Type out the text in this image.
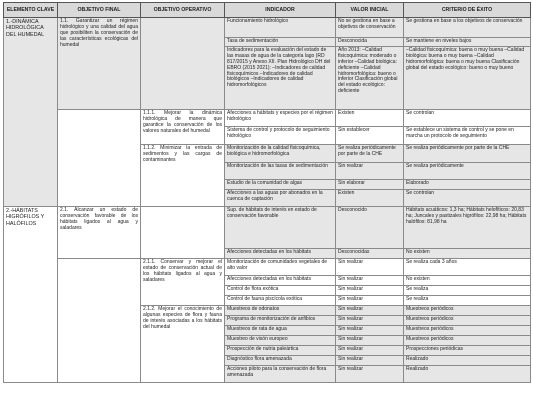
ELEMENTO CLAVE	OBJETIVO FINAL	OBJETIVO OPERATIVO	INDICADOR	VALOR INICIAL	CRITERIO DE ÉXITO
1.-DINÁMICA HIDROLÓGICA DEL HUMEDAL	1.1. Garantizar un régimen hidrológico y una calidad del agua que posibiliten la conservación de las características ecológicas del humedal		Funcionamiento hidrológico	No se gestiona en base a objetivos de conservación	Se gestiona en base a los objetivos de conservación
			Tasa de sedimentación	Desconocida	Se mantiene en niveles bajos
			Indicadores para la evaluación del estado de las masas de agua de la categoría lago (RD 817/2015 y Anexo XII. Plan Hidrológico DH del EBRO (2015 2021): –Indicadores de calidad fisicoquímicos –Indicadores de calidad biológicos –Indicadores de calidad hidromorfológicos	Año 2013: –Calidad fisicoquímica: moderado o inferior –Calidad biológica: deficiente –Calidad hidromorfológica: bueno o inferior Clasificación global del estado ecológico: deficiente	–Calidad fisicoquímica: buena o muy buena –Calidad biológica: buena o muy buena –Calidad hidromorfológica: buena o muy buena Clasificación global del estado ecológico: bueno o muy bueno
		1.1.1. Mejorar la dinámica hidrológica de manera que garantice la conservación de los valores naturales del humedal	Afecciones a hábitats y especies por el régimen hidrológico	Existen	Se controlan
			Sistema de control y protocolo de seguimiento hidrológico	Sin establecer	Se establece un sistema de control y se pone en marcha un protocolo de seguimiento
		1.1.2. Minimizar la entrada de sedimentos y las cargas de contaminantes	Monitorización de la calidad fisicoquímica, biológica e hidromorfológica	Se realiza periódicamente por parte de la CHE	Se realiza periódicamente por parte de la CHE
			Monitorización de las tasas de sedimentación	Sin realizar	Se realiza periódicamente
			Estudio de la comunidad de algas	Sin elaborar	Elaborado
			Afecciones a las aguas por abonados en la cuenca de captación	Existen	Se controlan
2.-HÁBITATS HIGRÓFILOS Y HALÓFILOS	2.1. Alcanzar un estado de conservación favorable de los hábitats ligados al agua y saladares		Sup. de hábitats de interés en estado de conservación favorable	Desconocido	Hábitats acuáticos: 1,3 ha; Hábitats helofíticos: 20,83 ha; Juncales y pastizales higrófilos: 22,98 ha; Hábitats halófilos: 81,98 ha
			Afecciones detectadas en los hábitats	Desconocidas	No existen
		2.1.1. Conservar y mejorar el estado de conservación actual de los hábitats ligados al agua y saladares	Monitorización de comunidades vegetales de alto valor	Sin realizar	Se realiza cada 3 años
			Afecciones detectadas en los hábitats	Sin realizar	No existen
			Control de flora exótica	Sin realizar	Se realiza
			Control de fauna piscícola exótica	Sin realizar	Se realiza
		2.1.2. Mejorar el conocimiento de algunas especies de flora y fauna de interés asociadas a los hábitats del humedal	Muestreos de odonatos	Sin realizar	Muestreos periódicos
			Programa de monitorización de anfibios	Sin realizar	Muestreos periódicos
			Muestreos de rata de agua	Sin realizar	Muestreos periódicos
			Muestreo de visón europeo	Sin realizar	Muestreos periódicos
			Prospección de nutria paleártica	Sin realizar	Prospecciones periódicas
			Diagnóstico flora amenazada	Sin realizar	Realizado
			Acciones piloto para la conservación de flora amenazada	Sin realizar	Realizado
